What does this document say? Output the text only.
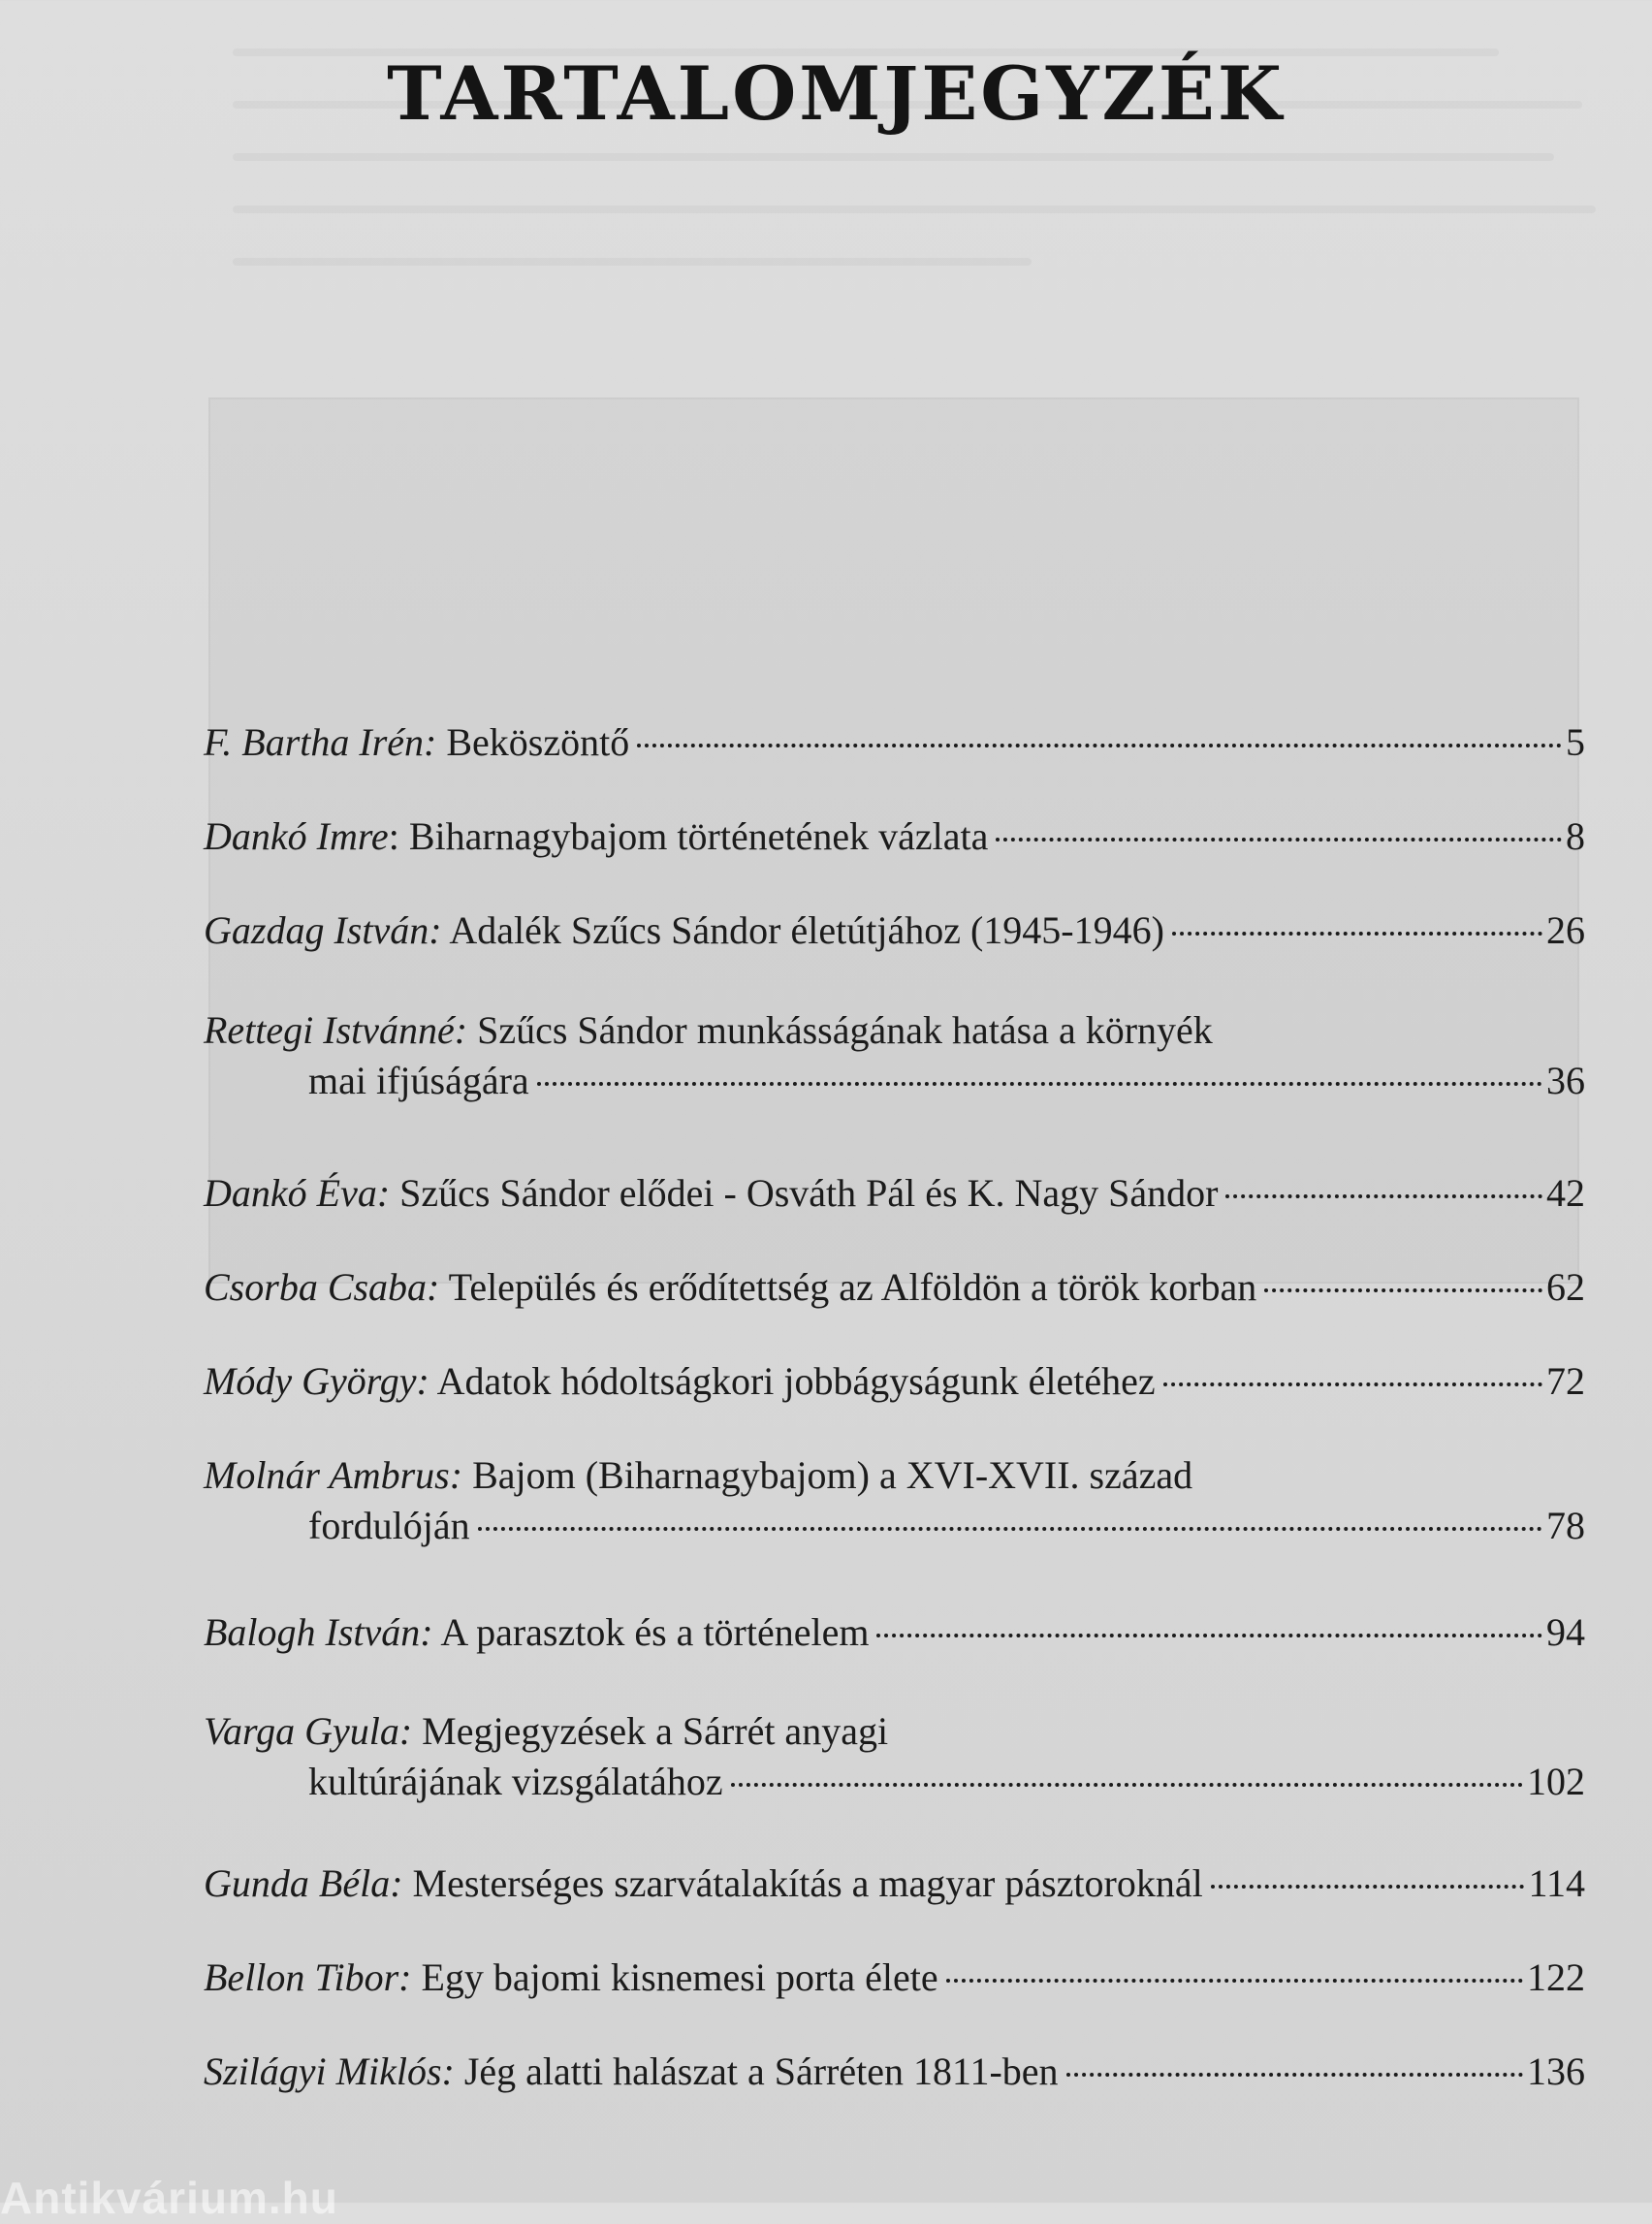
TARTALOMJEGYZÉK
F. Bartha Irén: Beköszöntő	5
Dankó Imre: Biharnagybajom történetének vázlata	8
Gazdag István: Adalék Szűcs Sándor életútjához (1945-1946)	26
Rettegi Istvánné: Szűcs Sándor munkásságának hatása a környék
mai ifjúságára	36
Dankó Éva: Szűcs Sándor elődei - Osváth Pál és K. Nagy Sándor	42
Csorba Csaba: Település és erődítettség az Alföldön a török korban	62
Módy György: Adatok hódoltságkori jobbágyságunk életéhez	72
Molnár Ambrus: Bajom (Biharnagybajom) a XVI-XVII. század
fordulóján	78
Balogh István: A parasztok és a történelem	94
Varga Gyula: Megjegyzések a Sárrét anyagi
kultúrájának vizsgálatához	102
Gunda Béla: Mesterséges szarvátalakítás a magyar pásztoroknál	114
Bellon Tibor: Egy bajomi kisnemesi porta élete	122
Szilágyi Miklós: Jég alatti halászat a Sárréten 1811-ben	136
Antikvárium.hu
